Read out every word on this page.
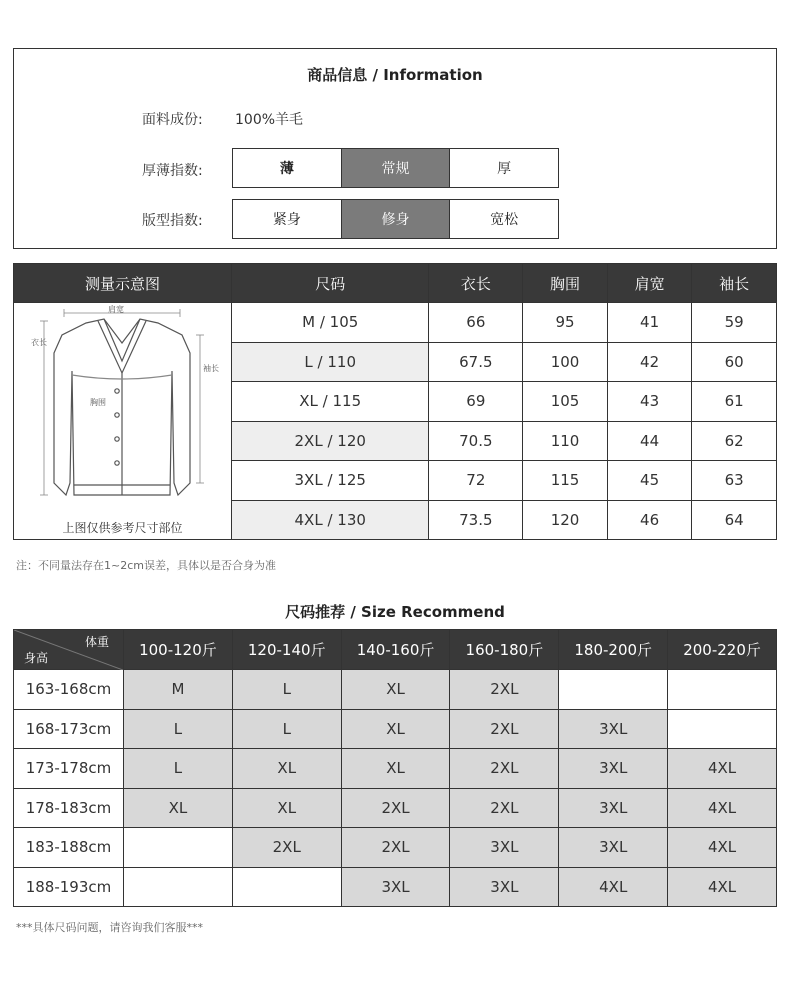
商品信息 / Information
面料成份: 100%羊毛
厚薄指数:	薄	常规	厚
版型指数:	紧身	修身	宽松
测量示意图	尺码	衣长	胸围	肩宽	袖长

肩宽
衣长
袖长
胸围
上图仅供参考尺寸部位	M / 105	66	95	41	59
	L / 110	67.5	100	42	60
	XL / 115	69	105	43	61
	2XL / 120	70.5	110	44	62
	3XL / 125	72	115	45	63
	4XL / 130	73.5	120	46	64
注：不同量法存在1~2cm误差，具体以是否合身为准
尺码推荐 / Size Recommend
体重
身高	100-120斤	120-140斤	140-160斤	160-180斤	180-200斤	200-220斤
163-168cm	M	L	XL	2XL		
168-173cm	L	L	XL	2XL	3XL	
173-178cm	L	XL	XL	2XL	3XL	4XL
178-183cm	XL	XL	2XL	2XL	3XL	4XL
183-188cm		2XL	2XL	3XL	3XL	4XL
188-193cm			3XL	3XL	4XL	4XL
***具体尺码问题，请咨询我们客服***
